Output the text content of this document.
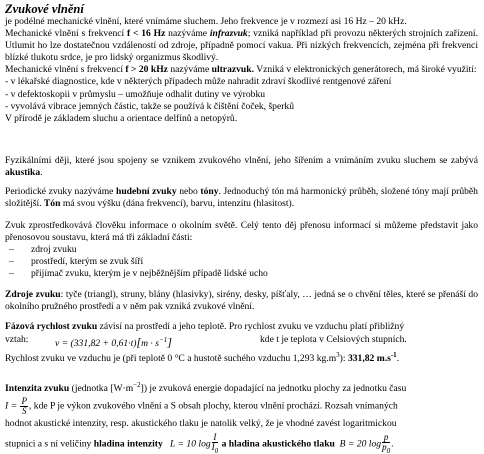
Zvukové vlnění

je podélné mechanické vlnění, které vnímáme sluchem. Jeho frekvence je v rozmezí asi 16 Hz – 20 kHz.

Mechanické vlnění s frekvencí f < 16 Hz nazýváme infrazvuk; vzniká například při provozu některých strojních zařízení. Utlumit ho lze dostatečnou vzdáleností od zdroje, případně pomocí vakua. Při nízkých frekvencích, zejména při frekvenci blízké tlukotu srdce, je pro lidský organizmus škodlivý.

Mechanické vlnění s frekvencí f > 20 kHz nazýváme ultrazvuk. Vzniká v elektronických generátorech, má široké využití:

- v lékařské diagnostice, kde v některých případech může nahradit zdraví škodlivé rentgenové záření

- v defektoskopii v průmyslu – umožňuje odhalit dutiny ve výrobku

- vyvolává vibrace jemných částic, takže se používá k čištění čoček, šperků

V přírodě je základem sluchu a orientace delfínů a netopýrů.

Fyzikálními ději, které jsou spojeny se vznikem zvukového vlnění, jeho šířením a vnímáním zvuku sluchem se zabývá akustika.
Periodické zvuky nazýváme hudební zvuky nebo tóny. Jednoduchý tón má harmonický průběh, složené tóny mají průběh složitější. Tón má svou výšku (dána frekvencí), barvu, intenzitu (hlasitost).

Zvuk zprostředkovává člověku informace o okolním světě. Celý tento děj přenosu informací si můžeme představit jako přenosovou soustavu, která má tři základní části:

–	zdroj zvuku
–	prostředí, kterým se zvuk šíří
–	přijímač zvuku, kterým je v nejběžnějším případě lidské ucho
Zdroje zvuku: tyče (triangl), struny, blány (hlasivky), sirény, desky, píšťaly, … jedná se o chvění těles, které se přenáší do okolního pružného prostředí a v něm pak vzniká zvukové vlnění.

Fázová rychlost zvuku závisí na prostředí a jeho teplotě. Pro rychlost zvuku ve vzduchu platí přibližný

vztah:	$v = (331,82 + 0,61\cdot t)[m \cdot s^{-1}]$	kde t je teplota v Celsiových stupních.

Rychlost zvuku ve vzduchu je (při teplotě 0 °C a hustotě suchého vzduchu 1,293 $kg.m^3$): 331,82 $m.s^{-1}$.

Intenzita zvuku (jednotka $[W\cdot m^{-2}]$) je zvuková energie dopadající na jednotku plochy za jednotku času

$I = \frac{P}{S}$ , kde P je výkon zvukového vlnění a S obsah plochy, kterou vlnění prochází. Rozsah vnímaných

hodnot akustické intenzity, resp. akustického tlaku je natolik velký, že je vhodné zavést logaritmickou

stupnici a s ní veličiny hladina intenzity L = 10 $\log \frac{I}{I_0}$ a hladina akustického tlaku B = 20 $\log \frac{p}{p_0}$ .
